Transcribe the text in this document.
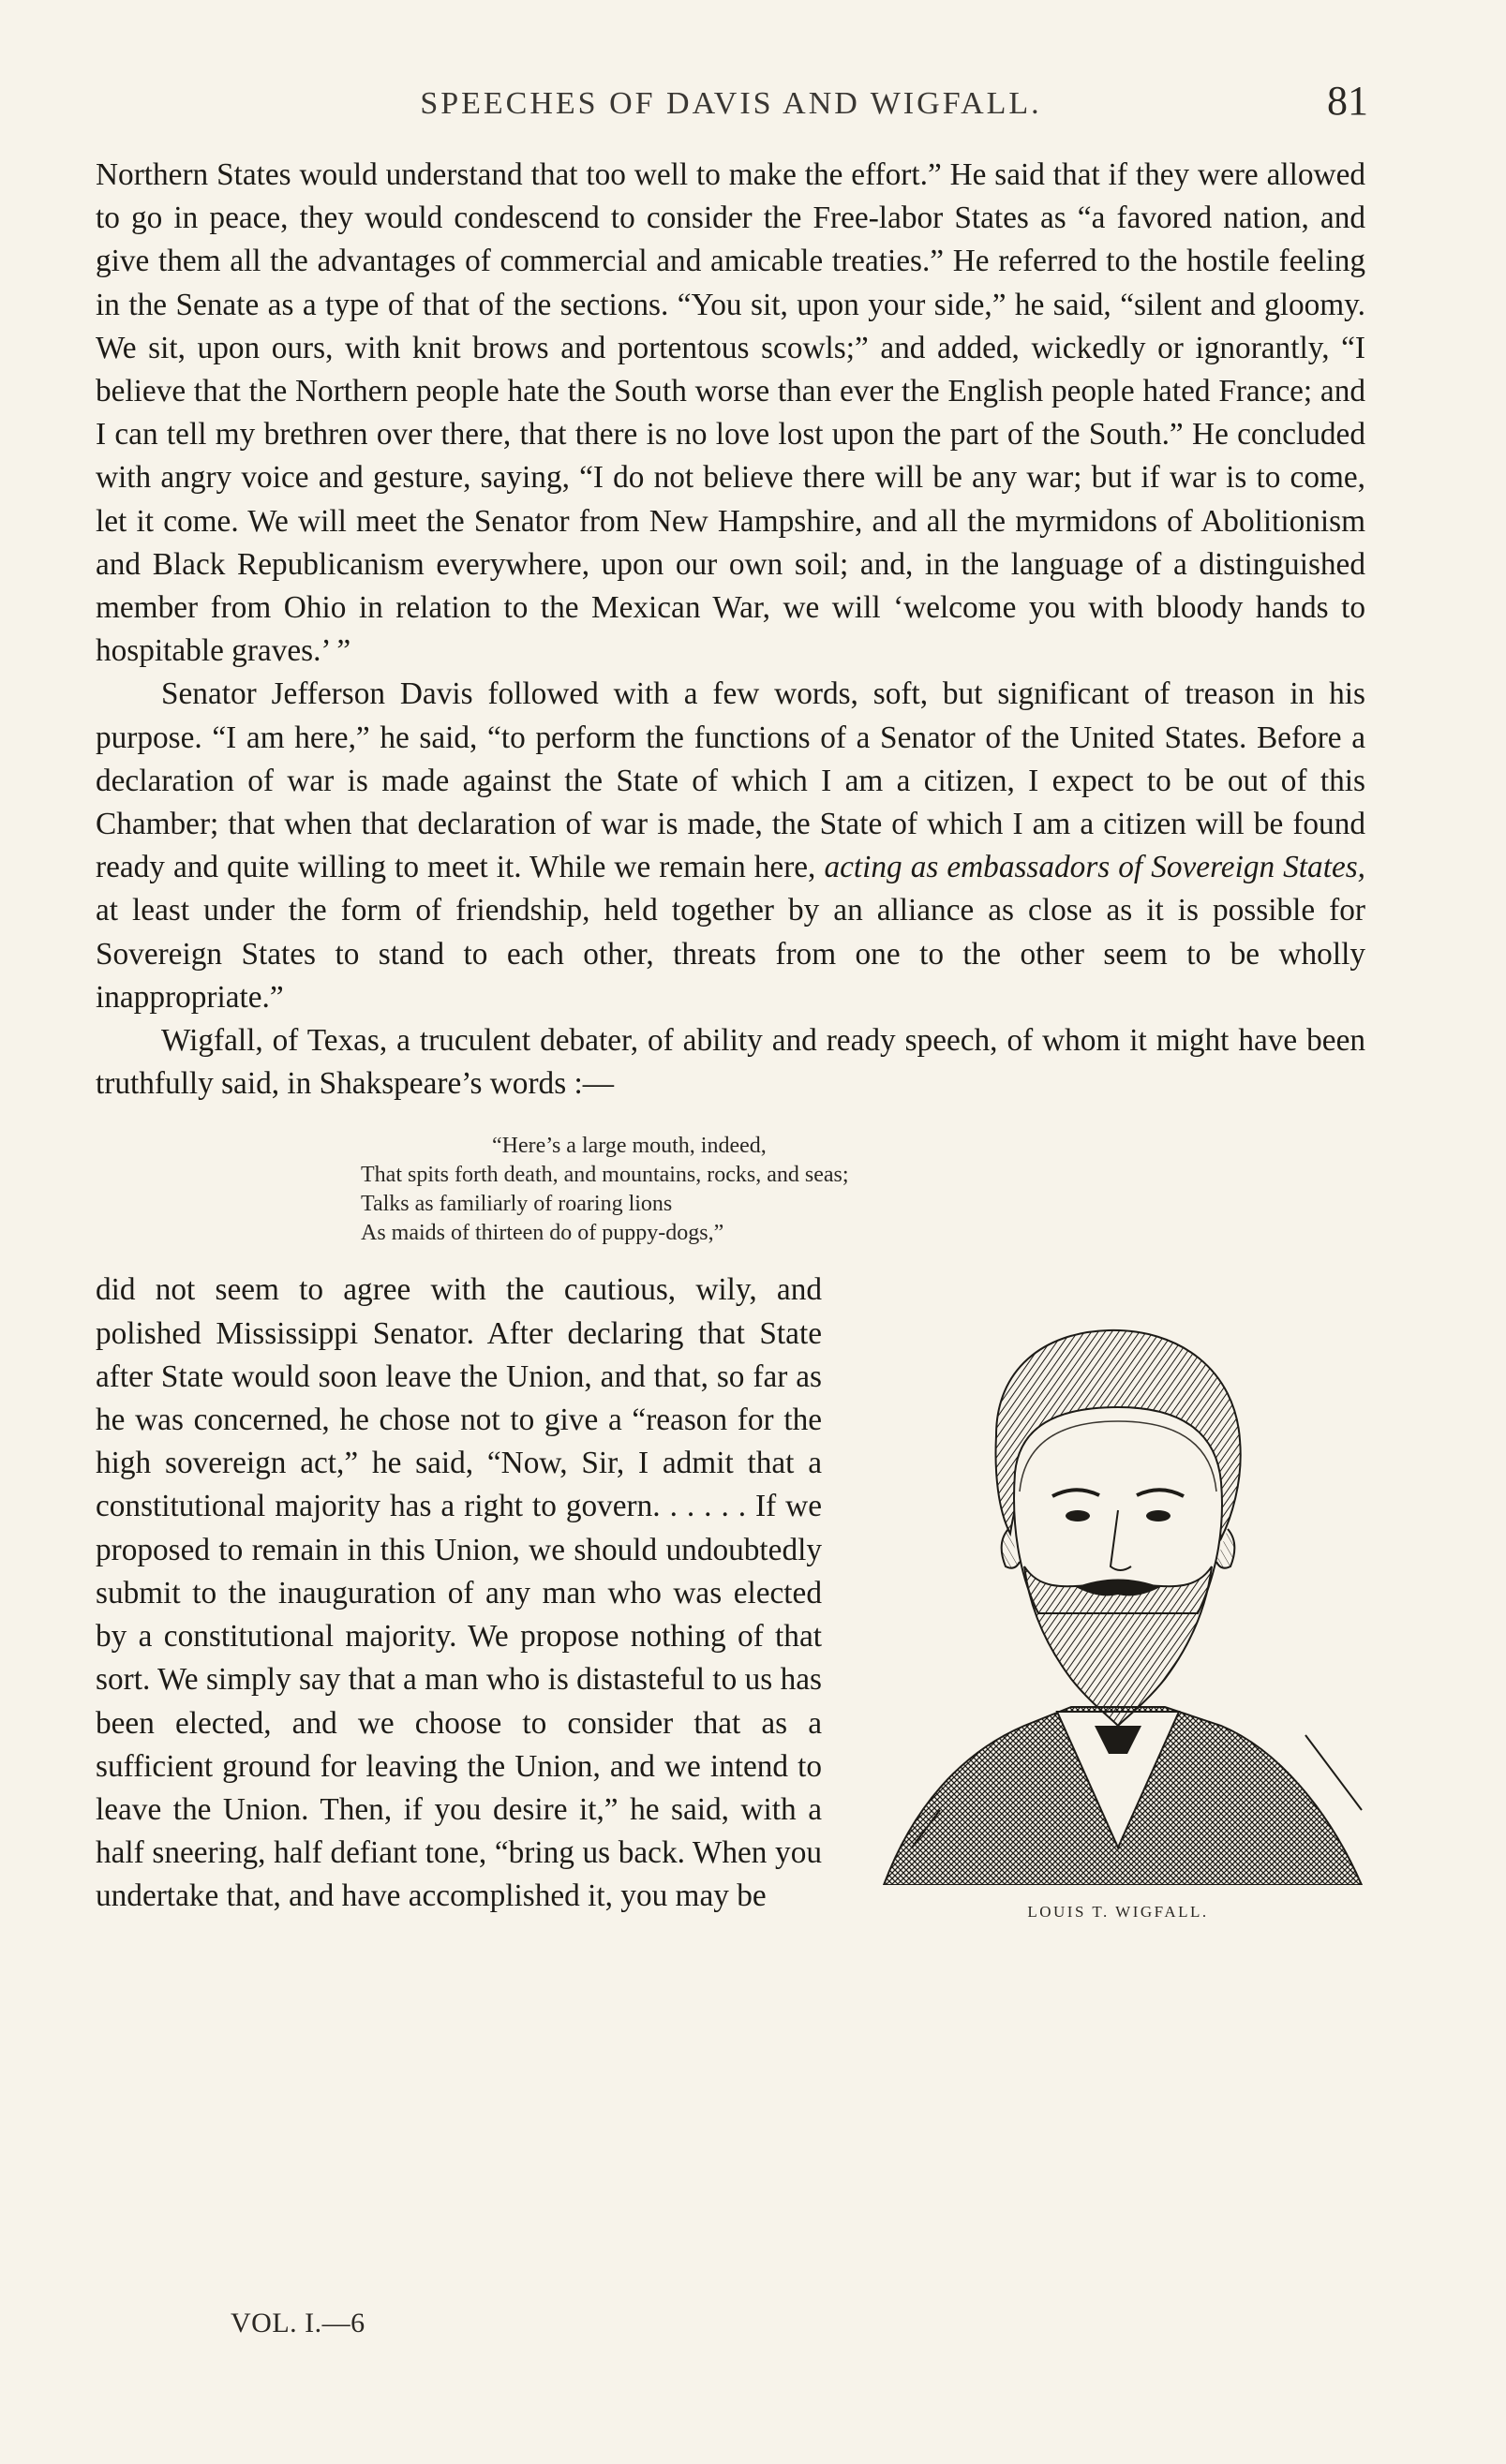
SPEECHES OF DAVIS AND WIGFALL.	81

Northern States would understand that too well to make the effort.” He said that if they were allowed to go in peace, they would condescend to consider the Free-labor States as “a favored nation, and give them all the advantages of commercial and amicable treaties.” He referred to the hostile feeling in the Senate as a type of that of the sections. “You sit, upon your side,” he said, “silent and gloomy. We sit, upon ours, with knit brows and portentous scowls;” and added, wickedly or ignorantly, “I believe that the Northern people hate the South worse than ever the English people hated France; and I can tell my brethren over there, that there is no love lost upon the part of the South.” He concluded with angry voice and gesture, saying, “I do not believe there will be any war; but if war is to come, let it come. We will meet the Senator from New Hampshire, and all the myrmidons of Abolitionism and Black Republicanism everywhere, upon our own soil; and, in the language of a distinguished member from Ohio in relation to the Mexican War, we will ‘welcome you with bloody hands to hospitable graves.’ ”

Senator Jefferson Davis followed with a few words, soft, but significant of treason in his purpose. “I am here,” he said, “to perform the functions of a Senator of the United States. Before a declaration of war is made against the State of which I am a citizen, I expect to be out of this Chamber; that when that declaration of war is made, the State of which I am a citizen will be found ready and quite willing to meet it. While we remain here, acting as embassadors of Sovereign States, at least under the form of friendship, held together by an alliance as close as it is possible for Sovereign States to stand to each other, threats from one to the other seem to be wholly inappropriate.”

Wigfall, of Texas, a truculent debater, of ability and ready speech, of whom it might have been truthfully said, in Shakspeare’s words :—

“Here’s a large mouth, indeed,
That spits forth death, and mountains, rocks, and seas;
Talks as familiarly of roaring lions
As maids of thirteen do of puppy-dogs,”
LOUIS T. WIGFALL.

did not seem to agree with the cautious, wily, and polished Mississippi Senator. After declaring that State after State would soon leave the Union, and that, so far as he was concerned, he chose not to give a “reason for the high sovereign act,” he said, “Now, Sir, I admit that a constitutional majority has a right to govern. . . . . . If we proposed to remain in this Union, we should undoubtedly submit to the inauguration of any man who was elected by a constitutional majority. We propose nothing of that sort. We simply say that a man who is distasteful to us has been elected, and we choose to consider that as a sufficient ground for leaving the Union, and we intend to leave the Union. Then, if you desire it,” he said, with a half sneering, half defiant tone, “bring us back. When you undertake that, and have accomplished it, you may be

VOL. I.—6
